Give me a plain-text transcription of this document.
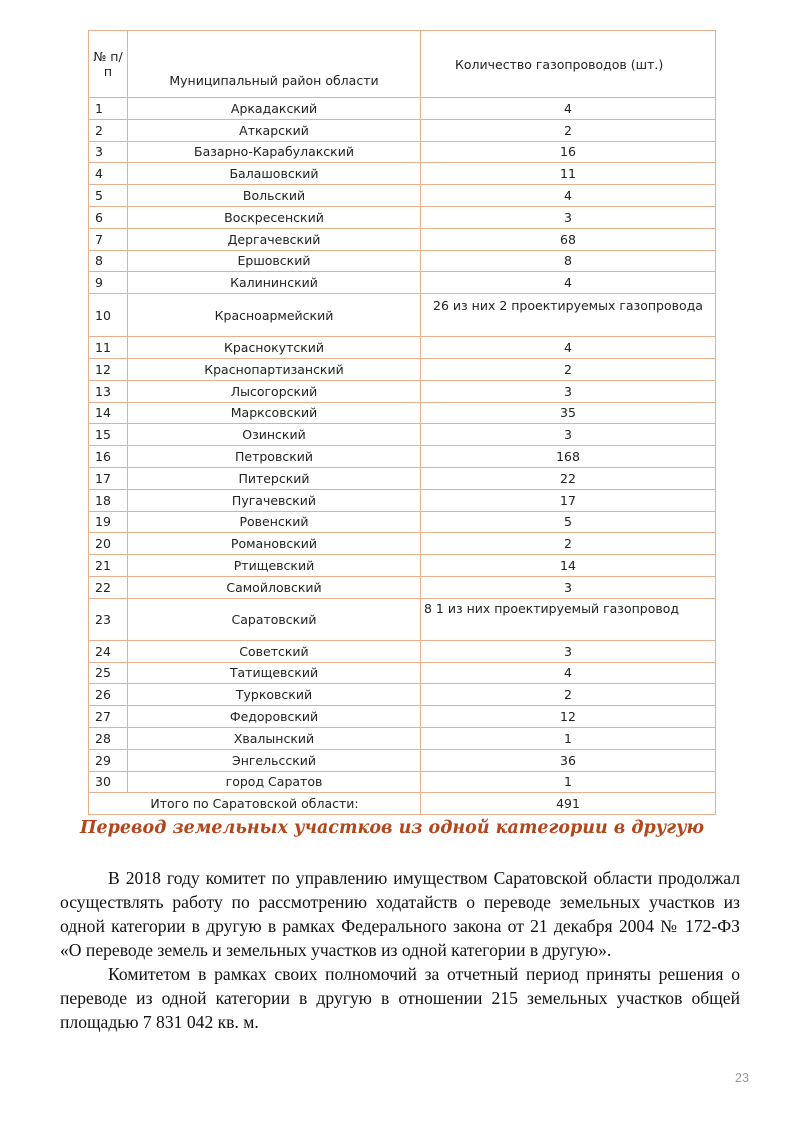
№ п/п	Муниципальный район области	Количество газопроводов (шт.)
1	Аркадакский	4
2	Аткарский	2
3	Базарно-Карабулакский	16
4	Балашовский	11
5	Вольский	4
6	Воскресенский	3
7	Дергачевский	68
8	Ершовский	8
9	Калининский	4
10	Красноармейский	26 из них 2 проектируемых газопровода
11	Краснокутский	4
12	Краснопартизанский	2
13	Лысогорский	3
14	Марксовский	35
15	Озинский	3
16	Петровский	168
17	Питерский	22
18	Пугачевский	17
19	Ровенский	5
20	Романовский	2
21	Ртищевский	14
22	Самойловский	3
23	Саратовский	8 1 из них проектируемый газопровод
24	Советский	3
25	Татищевский	4
26	Турковский	2
27	Федоровский	12
28	Хвалынский	1
29	Энгельсский	36
30	город Саратов	1
Итого по Саратовской области:		491
Перевод земельных участков из одной категории в другую

В 2018 году комитет по управлению имуществом Саратовской области продолжал осуществлять работу по рассмотрению ходатайств о переводе земельных участков из одной категории в другую в рамках Федерального закона от 21 декабря 2004 № 172-ФЗ «О переводе земель и земельных участков из одной категории в другую».

Комитетом в рамках своих полномочий за отчетный период приняты решения о переводе из одной категории в другую в отношении 215 земельных участков общей площадью 7 831 042 кв. м.

23
